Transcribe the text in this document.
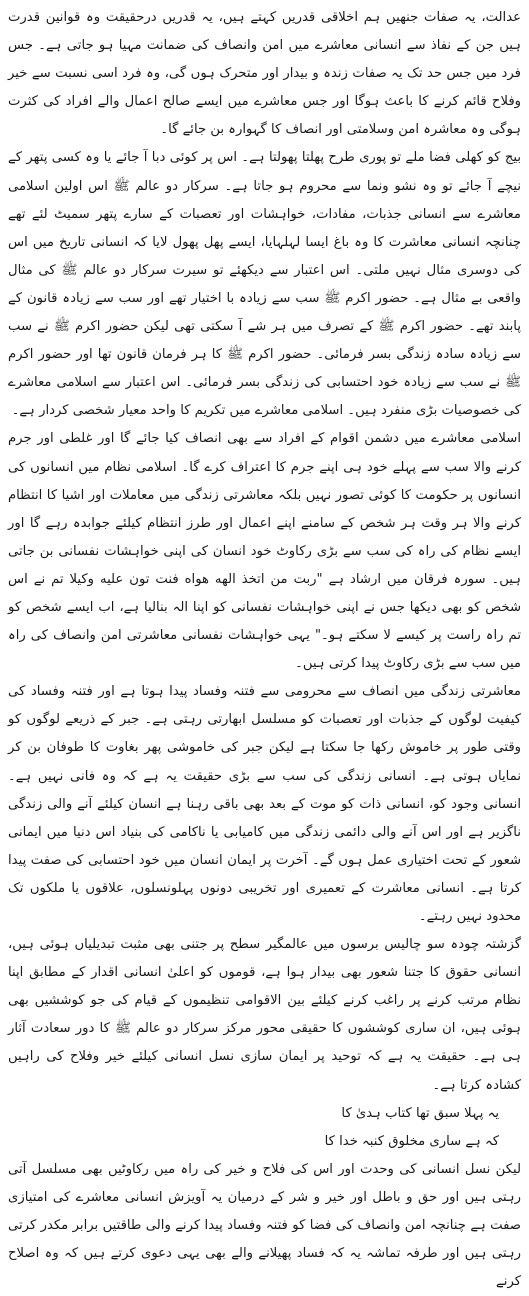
عدالت، یہ صفات جنھیں ہم اخلاقی قدریں کہتے ہیں، یہ قدریں درحقیقت وہ قوانین قدرت ہیں جن کے نفاذ سے انسانی معاشرے میں امن وانصاف کی ضمانت مہیا ہو جاتی ہے۔ جس فرد میں جس حد تک یہ صفات زندہ و بیدار اور متحرک ہوں گی، وہ فرد اسی نسبت سے خیر وفلاح قائم کرنے کا باعث ہوگا اور جس معاشرے میں ایسے صالح اعمال والے افراد کی کثرت ہوگی وہ معاشرہ امن وسلامتی اور انصاف کا گہوارہ بن جائے گا۔

بیج کو کھلی فضا ملے تو پوری طرح پھلتا پھولتا ہے۔ اس پر کوئی دبا آ جائے یا وہ کسی پتھر کے نیچے آ جائے تو وہ نشو ونما سے محروم ہو جاتا ہے۔ سرکار دو عالم ﷺ اس اولین اسلامی معاشرے سے انسانی جذبات، مفادات، خواہشات اور تعصبات کے سارے پتھر سمیٹ لئے تھے چنانچہ انسانی معاشرت کا وہ باغ ایسا لہلہایا، ایسے پھل پھول لایا کہ انسانی تاریخ میں اس کی دوسری مثال نہیں ملتی۔ اس اعتبار سے دیکھئے تو سیرت سرکار دو عالم ﷺ کی مثال واقعی بے مثال ہے۔ حضور اکرم ﷺ سب سے زیادہ با اختیار تھے اور سب سے زیادہ قانون کے پابند تھے۔ حضور اکرم ﷺ کے تصرف میں ہر شے آ سکتی تھی لیکن حضور اکرم ﷺ نے سب سے زیادہ سادہ زندگی بسر فرمائی۔ حضور اکرم ﷺ کا ہر فرمان قانون تھا اور حضور اکرم ﷺ نے سب سے زیادہ خود احتسابی کی زندگی بسر فرمائی۔ اس اعتبار سے اسلامی معاشرے کی خصوصیات بڑی منفرد ہیں۔ اسلامی معاشرے میں تکریم کا واحد معیار شخصی کردار ہے۔

اسلامی معاشرے میں دشمن اقوام کے افراد سے بھی انصاف کیا جائے گا اور غلطی اور جرم کرنے والا سب سے پہلے خود ہی اپنے جرم کا اعتراف کرے گا۔ اسلامی نظام میں انسانوں کی انسانوں پر حکومت کا کوئی تصور نہیں بلکہ معاشرتی زندگی میں معاملات اور اشیا کا انتظام کرنے والا ہر وقت ہر شخص کے سامنے اپنے اعمال اور طرز انتظام کیلئے جوابدہ رہے گا اور ایسے نظام کی راہ کی سب سے بڑی رکاوٹ خود انسان کی اپنی خواہشات نفسانی بن جاتی ہیں۔ سورہ فرقان میں ارشاد ہے "ربت من اتخذ الهه هواه فنت تون عليه وكيلا تم نے اس شخص کو بھی دیکھا جس نے اپنی خواہشات نفسانی کو اپنا الہ بنالیا ہے، اب ایسے شخص کو تم راہ راست پر کیسے لا سکتے ہو۔" یہی خواہشات نفسانی معاشرتی امن وانصاف کی راہ میں سب سے بڑی رکاوٹ پیدا کرتی ہیں۔

معاشرتی زندگی میں انصاف سے محرومی سے فتنہ وفساد پیدا ہوتا ہے اور فتنہ وفساد کی کیفیت لوگوں کے جذبات اور تعصبات کو مسلسل ابھارتی رہتی ہے۔ جبر کے ذریعے لوگوں کو وقتی طور پر خاموش رکھا جا سکتا ہے لیکن جبر کی خاموشی پھر بغاوت کا طوفان بن کر نمایاں ہوتی ہے۔ انسانی زندگی کی سب سے بڑی حقیقت یہ ہے کہ وہ فانی نہیں ہے۔ انسانی وجود کو، انسانی ذات کو موت کے بعد بھی باقی رہنا ہے انسان کیلئے آنے والی زندگی ناگزیر ہے اور اس آنے والی دائمی زندگی میں کامیابی یا ناکامی کی بنیاد اس دنیا میں ایمانی شعور کے تحت اختیاری عمل ہوں گے۔ آخرت پر ایمان انسان میں خود احتسابی کی صفت پیدا کرتا ہے۔ انسانی معاشرت کے تعمیری اور تخریبی دونوں پہلونسلوں، علاقوں یا ملکوں تک محدود نہیں رہتے۔

گزشتہ چودہ سو چالیس برسوں میں عالمگیر سطح پر جتنی بھی مثبت تبدیلیاں ہوئی ہیں، انسانی حقوق کا جتنا شعور بھی بیدار ہوا ہے، قوموں کو اعلیٰ انسانی اقدار کے مطابق اپنا نظام مرتب کرنے پر راغب کرنے کیلئے بین الاقوامی تنظیموں کے قیام کی جو کوششیں بھی ہوئی ہیں، ان ساری کوششوں کا حقیقی محور مرکز سرکار دو عالم ﷺ کا دور سعادت آثار ہی ہے۔ حقیقت یہ ہے کہ توحید پر ایمان سازی نسل انسانی کیلئے خیر وفلاح کی راہیں کشادہ کرتا ہے۔

یہ پہلا سبق تھا کتاب ہدیٰ کا

کہ ہے ساری مخلوق کنبہ خدا کا

لیکن نسل انسانی کی وحدت اور اس کی فلاح و خیر کی راہ میں رکاوٹیں بھی مسلسل آتی رہتی ہیں اور حق و باطل اور خیر و شر کے درمیان یہ آویزش انسانی معاشرے کی امتیازی صفت ہے چنانچہ امن وانصاف کی فضا کو فتنہ وفساد پیدا کرنے والی طاقتیں برابر مکدر کرتی رہتی ہیں اور طرفہ تماشہ یہ کہ فساد پھیلانے والے بھی یہی دعوی کرتے ہیں کہ وہ اصلاح کرنے
